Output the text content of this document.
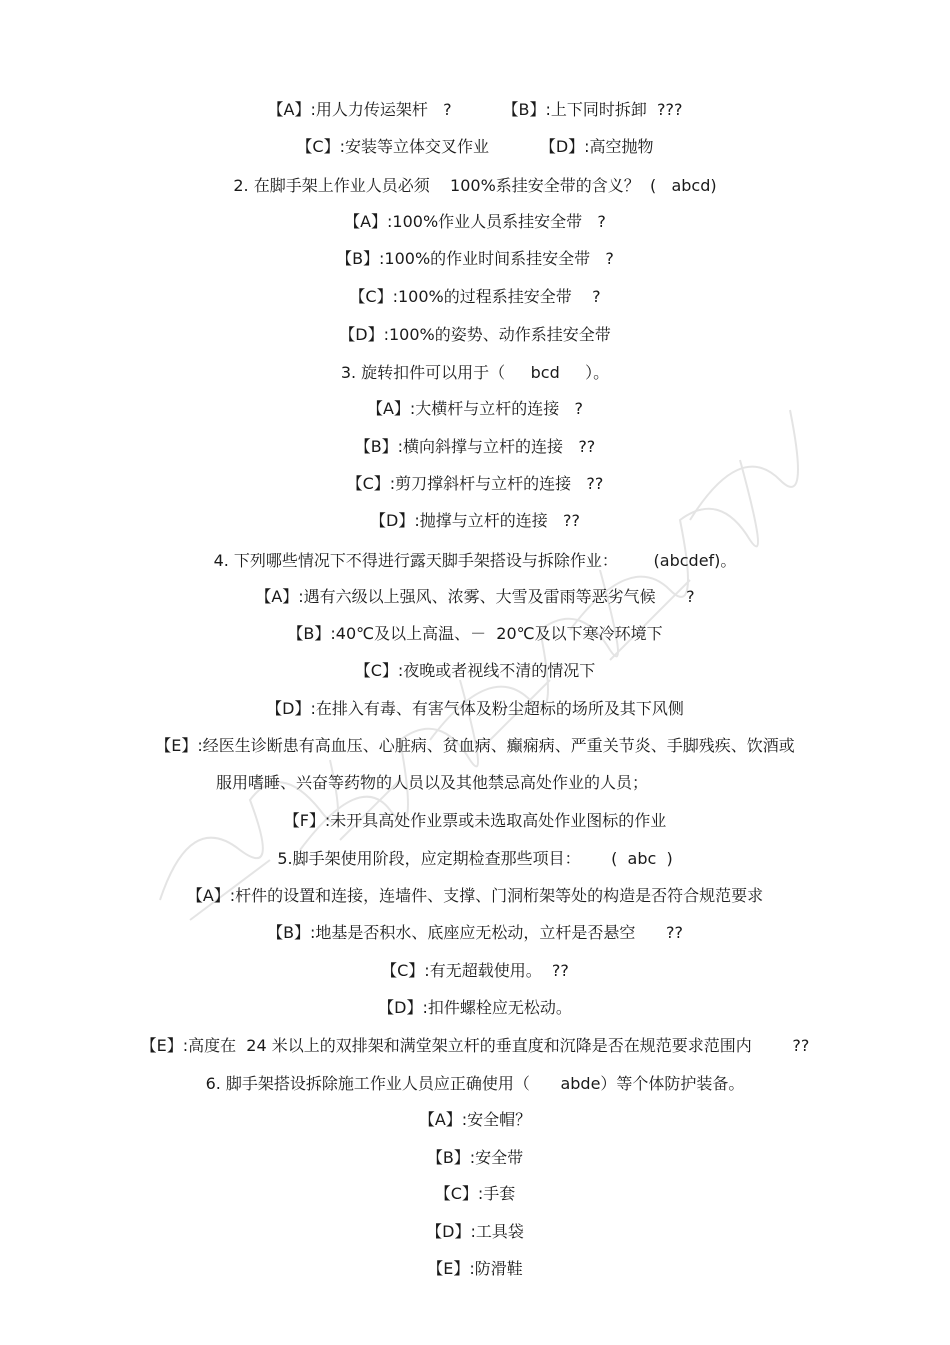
【A】:用人力传运架杆   ?          【B】:上下同时拆卸  ???
【C】:安装等立体交叉作业          【D】:高空抛物
2. 在脚手架上作业人员必须    100%系挂安全带的含义？  (   abcd)
【A】:100%作业人员系挂安全带   ?
【B】:100%的作业时间系挂安全带   ?
【C】:100%的过程系挂安全带    ?
【D】:100%的姿势、动作系挂安全带
3. 旋转扣件可以用于（     bcd     ）。
【A】:大横杆与立杆的连接   ?
【B】:横向斜撑与立杆的连接   ??
【C】:剪刀撑斜杆与立杆的连接   ??
【D】:抛撑与立杆的连接   ??
4. 下列哪些情况下不得进行露天脚手架搭设与拆除作业：       (abcdef)。
【A】:遇有六级以上强风、浓雾、大雪及雷雨等恶劣气候      ?
【B】:40℃及以上高温、－  20℃及以下寒冷环境下
【C】:夜晚或者视线不清的情况下
【D】:在排入有毒、有害气体及粉尘超标的场所及其下风侧
【E】:经医生诊断患有高血压、心脏病、贫血病、癫痫病、严重关节炎、手脚残疾、饮酒或
服用嗜睡、兴奋等药物的人员以及其他禁忌高处作业的人员；
【F】:未开具高处作业票或未选取高处作业图标的作业
5.脚手架使用阶段，应定期检查那些项目：      (  abc  )
【A】:杆件的设置和连接，连墙件、支撑、门洞桁架等处的构造是否符合规范要求
【B】:地基是否积水、底座应无松动，立杆是否悬空      ??
【C】:有无超载使用。  ??
【D】:扣件螺栓应无松动。
【E】:高度在  24 米以上的双排架和满堂架立杆的垂直度和沉降是否在规范要求范围内        ??
6. 脚手架搭设拆除施工作业人员应正确使用（      abde）等个体防护装备。
【A】:安全帽？
【B】:安全带
【C】:手套
【D】:工具袋
【E】:防滑鞋
